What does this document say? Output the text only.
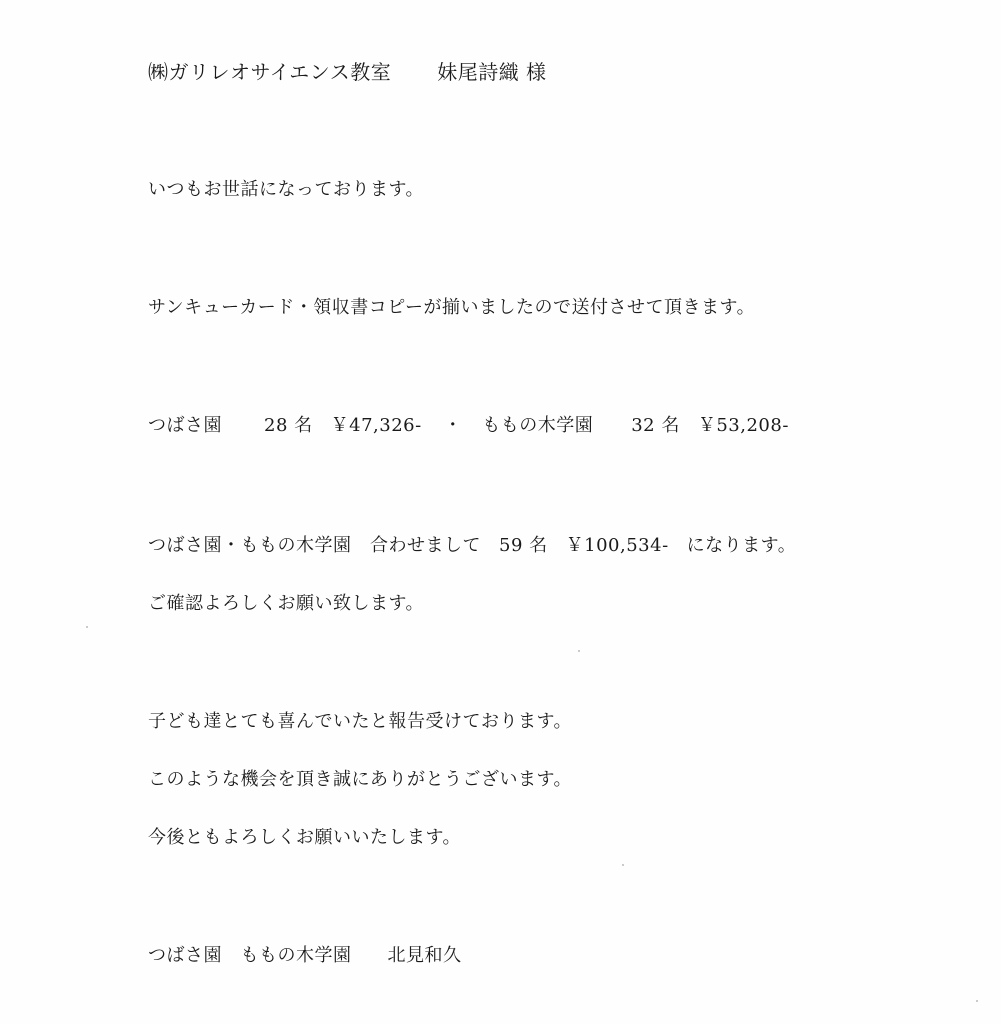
㈱ガリレオサイエンス教室 妹尾詩織 様
いつもお世話になっております。
サンキューカード・領収書コピーが揃いましたので送付させて頂きます。
つばさ園 28 名 ￥47,326- ・ ももの木学園 32 名 ￥53,208-
つばさ園・ももの木学園　合わせまして 59 名 ￥100,534- になります。
ご確認よろしくお願い致します。
子ども達とても喜んでいたと報告受けております。
このような機会を頂き誠にありがとうございます。
今後ともよろしくお願いいたします。
つばさ園　ももの木学園 北見和久
